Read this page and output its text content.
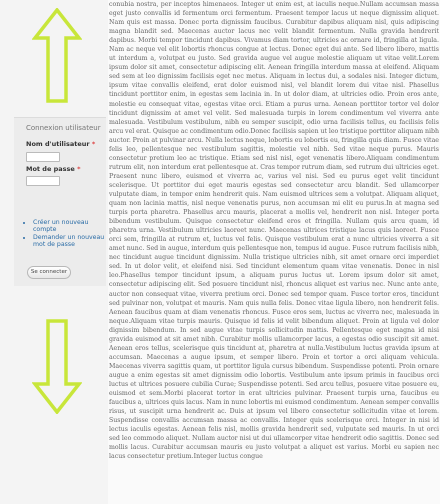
Connexion utilisateur
Nom d'utilisateur *
Mot de passe *
• Créer un nouveau compte
• Demander un nouveau mot de passe
Se connecter

conubia nostra, per inceptos himenaeos. Integer ut enim est, at iaculis neque.Nullam accumsan massa eget justo convallis id fermentum orci fermentum. Praesent tempor lacus ut neque dignissim aliquet. Nam quis est massa. Donec porta dignissim faucibus. Curabitur dapibus aliquam nisl, quis adipiscing magna blandit sed. Maecenas auctor lacus nec velit blandit fermentum. Nulla gravida hendrerit dapibus. Morbi tempor tincidunt dapibus. Vivamus diam tortor, ultricies ac ornare id, fringilla at ligula. Nam ac neque vel elit lobortis rhoncus congue at lectus. Donec eget dui ante. Sed libero libero, mattis ut interdum a, volutpat eu justo. Sed gravida augue vel augue molestie aliquam ut vitae velit.Lorem ipsum dolor sit amet, consectetur adipiscing elit. Aenean fringilla interdum massa at eleifend. Aliquam sed sem at leo dignissim facilisis eget nec metus. Aliquam in lectus dui, a sodales nisi. Integer dictum, ipsum vitae convallis eleifend, erat dolor euismod nisl, vel blandit lorem dui vitae nisl. Phasellus tincidunt porttitor enim, in egestas sem lacinia in. In ut dolor diam, at ultricies odio. Proin eros ante, molestie eu consequat vitae, egestas vitae orci. Etiam a purus urna. Aenean porttitor tortor vel dolor tincidunt dignissim at amet vel velit. Sed malesuada turpis in lorem condimentum vel viverra ante malesuada. Vestibulum vestibulum, nibh eu semper suscipit, odio urna facilisis tellus, eu facilisis felis arcu vel erat. Quisque ac condimentum odio.Donec facilisis sapien ut leo tristique porttitor aliquam nibh auctor. Proin at pulvinar arcu. Nulla lectus neque, lobortis eu lobortis eu, fringilla quis diam. Fusce vitae felis leo, pellentesque nec vestibulum sagittis, molestie vel nibh. Sed vitae neque purus. Mauris consectetur pretium leo ac tristique. Etiam sed nisl nisl, eget venenatis libero.Aliquam condimentum rutrum elit, non interdum erat pellentesque at. Cras tempor rutrum diam, sed rutrum dui ultricies eget. Praesent nunc libero, euismod et viverra ac, varius vel nisi. Sed eu purus eget velit tincidunt scelerisque. Ut porttitor dui eget mauris egestas sed consectetur arcu blandit. Sed ullamcorper vulputate diam, in tempor enim hendrerit quis. Nam euismod ultrices sem a volutpat. Aliquam aliquet, quam non lacinia mattis, nisl neque venenatis purus, non accumsan mi elit eu purus.In at magna sed turpis porta pharetra. Phasellus arcu mauris, placerat a mollis vel, hendrerit non nisl. Integer porta bibendum vestibulum. Quisque consectetur eleifend eros et fringilla. Nullam quis arcu quam, id pharetra urna. Vestibulum ultricies laoreet nunc. Maecenas ultrices tristique lacus quis laoreet. Fusce orci sem, fringilla at rutrum et, luctus vel felis. Quisque vestibulum erat a nunc ultricies viverra a sit amet nunc. Sed in augue, interdum quis pellentesque non, tempus id augue. Fusce rutrum facilisis nibh, nec tincidunt augue tincidunt dignissim. Nulla tristique ultricies nibh, sit amet ornare orci imperdiet sed. In ut dolor velit, et eleifend nisi. Sed tincidunt elementum quam vitae venenatis. Donec in nisl leo.Phasellus tempor tincidunt ipsum, a aliquam purus luctus ut. Lorem ipsum dolor sit amet, consectetur adipiscing elit. Sed posuere tincidunt nisl, rhoncus aliquet est varius nec. Nunc ante ante, auctor non consequat vitae, viverra pretium orci. Donec sed tempor quam. Fusce tortor eros, tincidunt sed pulvinar non, volutpat et mauris. Nam quis nulla felis. Donec vitae ligula libero, non hendrerit felis. Aenean faucibus quam at diam venenatis rhoncus. Fusce eros sem, luctus ac viverra nec, malesuada in neque.Aliquam vitae turpis mauris. Quisque id felis id velit bibendum aliquet. Proin at ligula vel dolor dignissim bibendum. In sed augue vitae turpis sollicitudin mattis. Pellentesque eget magna id nisi gravida euismod at sit amet nibh. Curabitur mollis ullamcorper lacus, a egestas odio suscipit sit amet. Aenean eros tellus, scelerisque quis tincidunt at, pharetra at nulla.Vestibulum luctus gravida ipsum at accumsan. Maecenas a augue ipsum, et semper libero. Proin et tortor a orci aliquam vehicula. Maecenas viverra sagittis quam, ut porttitor ligula cursus bibendum. Suspendisse potenti. Proin ornare augue a enim egestas sit amet dignissim odio lobortis. Vestibulum ante ipsum primis in faucibus orci luctus et ultrices posuere cubilia Curae; Suspendisse potenti. Sed arcu tellus, posuere vitae posuere eu, euismod et sem.Morbi placerat tortor in erat ultricies pulvinar. Praesent turpis urna, faucibus eu faucibus a, ultrices quis lacus. Nam in nunc lobortis mi euismod condimentum. Aenean semper convallis risus, ut suscipit urna hendrerit ac. Duis at ipsum vel libero consectetur sollicitudin vitae et lorem. Suspendisse convallis accumsan massa ac convallis. Integer quis scelerisque orci. Integer in nisi id lectus iaculis egestas. Aenean felis nisl, mollis gravida hendrerit sed, vulputate sed mauris. In ut orci sed leo commodo aliquet. Nullam auctor nisi ut dui ullamcorper vitae hendrerit odio sagittis. Donec sed mollis lacus. Curabitur accumsan mauris eu justo volutpat a aliquet est varius. Morbi eu sapien nec lacus consectetur pretium.Integer luctus congue
